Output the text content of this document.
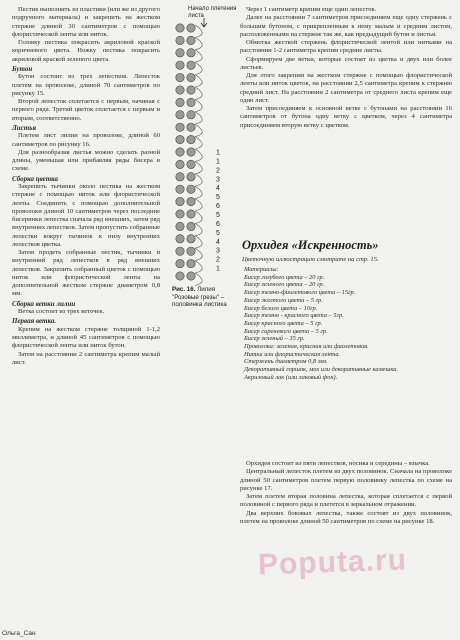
Пестик выполнить из пластики (или же из другого подручного материала) и закрепить на жестком стержне длиной 30 сантиметров с помощью флористической ленты или ниток.

Головку пестика покрасить акриловой краской коричневого цвета. Ножку пестика покрасить акриловой краской зеленого цвета.

Бутон

Бутон состоит из трех лепестков. Лепесток плетем на проволоке, длиной 70 сантиметров по рисунку 15.

Второй лепесток сплетается с первым, начиная с первого ряда. Третий цветок сплетается с первым и вторым, соответственно.

Листья

Плетем лист лилии на проволоке, длиной 60 сантиметров по рисунку 16.

Для разнообразия листья можно сделать разной длины, уменьшая или прибавляя ряды бисера в схеме.

Сборка цветка

Закрепить тычинки около пестика на жестком стержне с помощью ниток или флористической ленты. Соединить с помощью дополнительной проволоки длиной 10 сантиметров через последние бисеринки лепестка сначала ряд внешних, затем ряд внутренних лепестков. Затем пропустить собранные лепестки вокруг тычинок к низу внутренних лепестков цветка.

Затем продеть собранные пестик, тычинки и внутренний ряд лепестков в ряд внешних лепестков. Закрепить собранный цветок с помощью ниток или флористической ленты на дополнительной жестком стержне диаметром 0,8 мм.

Сборка ветки лилии

Ветка состоит из трех веточек.

Первая ветка.

Крепим на жестком стержне толщиной 1-1,2 миллиметра, и длиной 45 сантиметров с помощью флористической ленты или ниток бутон.

Затем на расстоянии 2 сантиметра крепим малый лист.

Начало плетения листа
1
1
2
3
4
5
6
5
6
5
4
3
2
1
Рис. 16. Лилия "Розовые грезы" – половинка листика

Через 1 сантиметр крепим еще один лепесток.

Далее на расстоянии 7 сантиметров присоединяем еще одну стержень с большим бутоном, с прикрепленным к нему малым и средним листом, расположенными на стержне так же, как предыдущий бутон и листья.

Обмотка жесткой стержень флористической лентой или нитками на расстоянии 1-2 сантиметра крепим средние листы.

Сформируем две ветки, которые состоят из цветка и двух или более листьев.

Для этого закрепим на жестком стержне с помощью флористической ленты или ниток цветок, на расстоянии 2,5 сантиметра крепим к стержню средний лист. На расстоянии 2 сантиметра от среднего листа крепим еще один лист.

Затем присоединяем к основной ветке с бутонами на расстоянии 16 сантиметров от бутона одну ветку с цветком, через 4 сантиметра присоединяем вторую ветку с цветком.

Орхидея «Искренность»
Цветочную иллюстрацию смотрите на стр. 15.
Материалы:
Бисер голубого цвета – 20 гр.
Бисер зеленого цвета – 20 гр.
Бисер темно-фиолетового цвета – 15гр.
Бисер желтого цвета – 5 гр.
Бисер белого цвета – 10гр.
Бисер темно - красного цвета – 5гр.
Бисер красного цвета – 5 гр.
Бисер сиреневого цвета – 5 гр.
Бисер зеленый – 35 гр.
Проволока: зеленая, красная или фиолетовая.
Нитки или флористическая лента.
Стержень диаметром 0,8 мм.
Декоративный горшок, мох или декоративные камешки.
Акриловый лак (или лаковый фон).

Орхидея состоит из пяти лепестков, носика и середины – язычка.

Центральный лепесток плетем из двух половинок. Сначала на проволоке длиной 50 сантиметров плетем первую половинку лепестка по схеме на рисунке 17.

Затем плетем вторая половина лепестка, которая сплетается с первой половиной с первого ряда и плетется в зеркальном отражении.

Два верхних боковых лепестка, также состоят из двух половинок, плетем на проволоке длиной 50 сантиметров по схеме на рисунке 18.

Poputa.ru
Ольга_Сан
